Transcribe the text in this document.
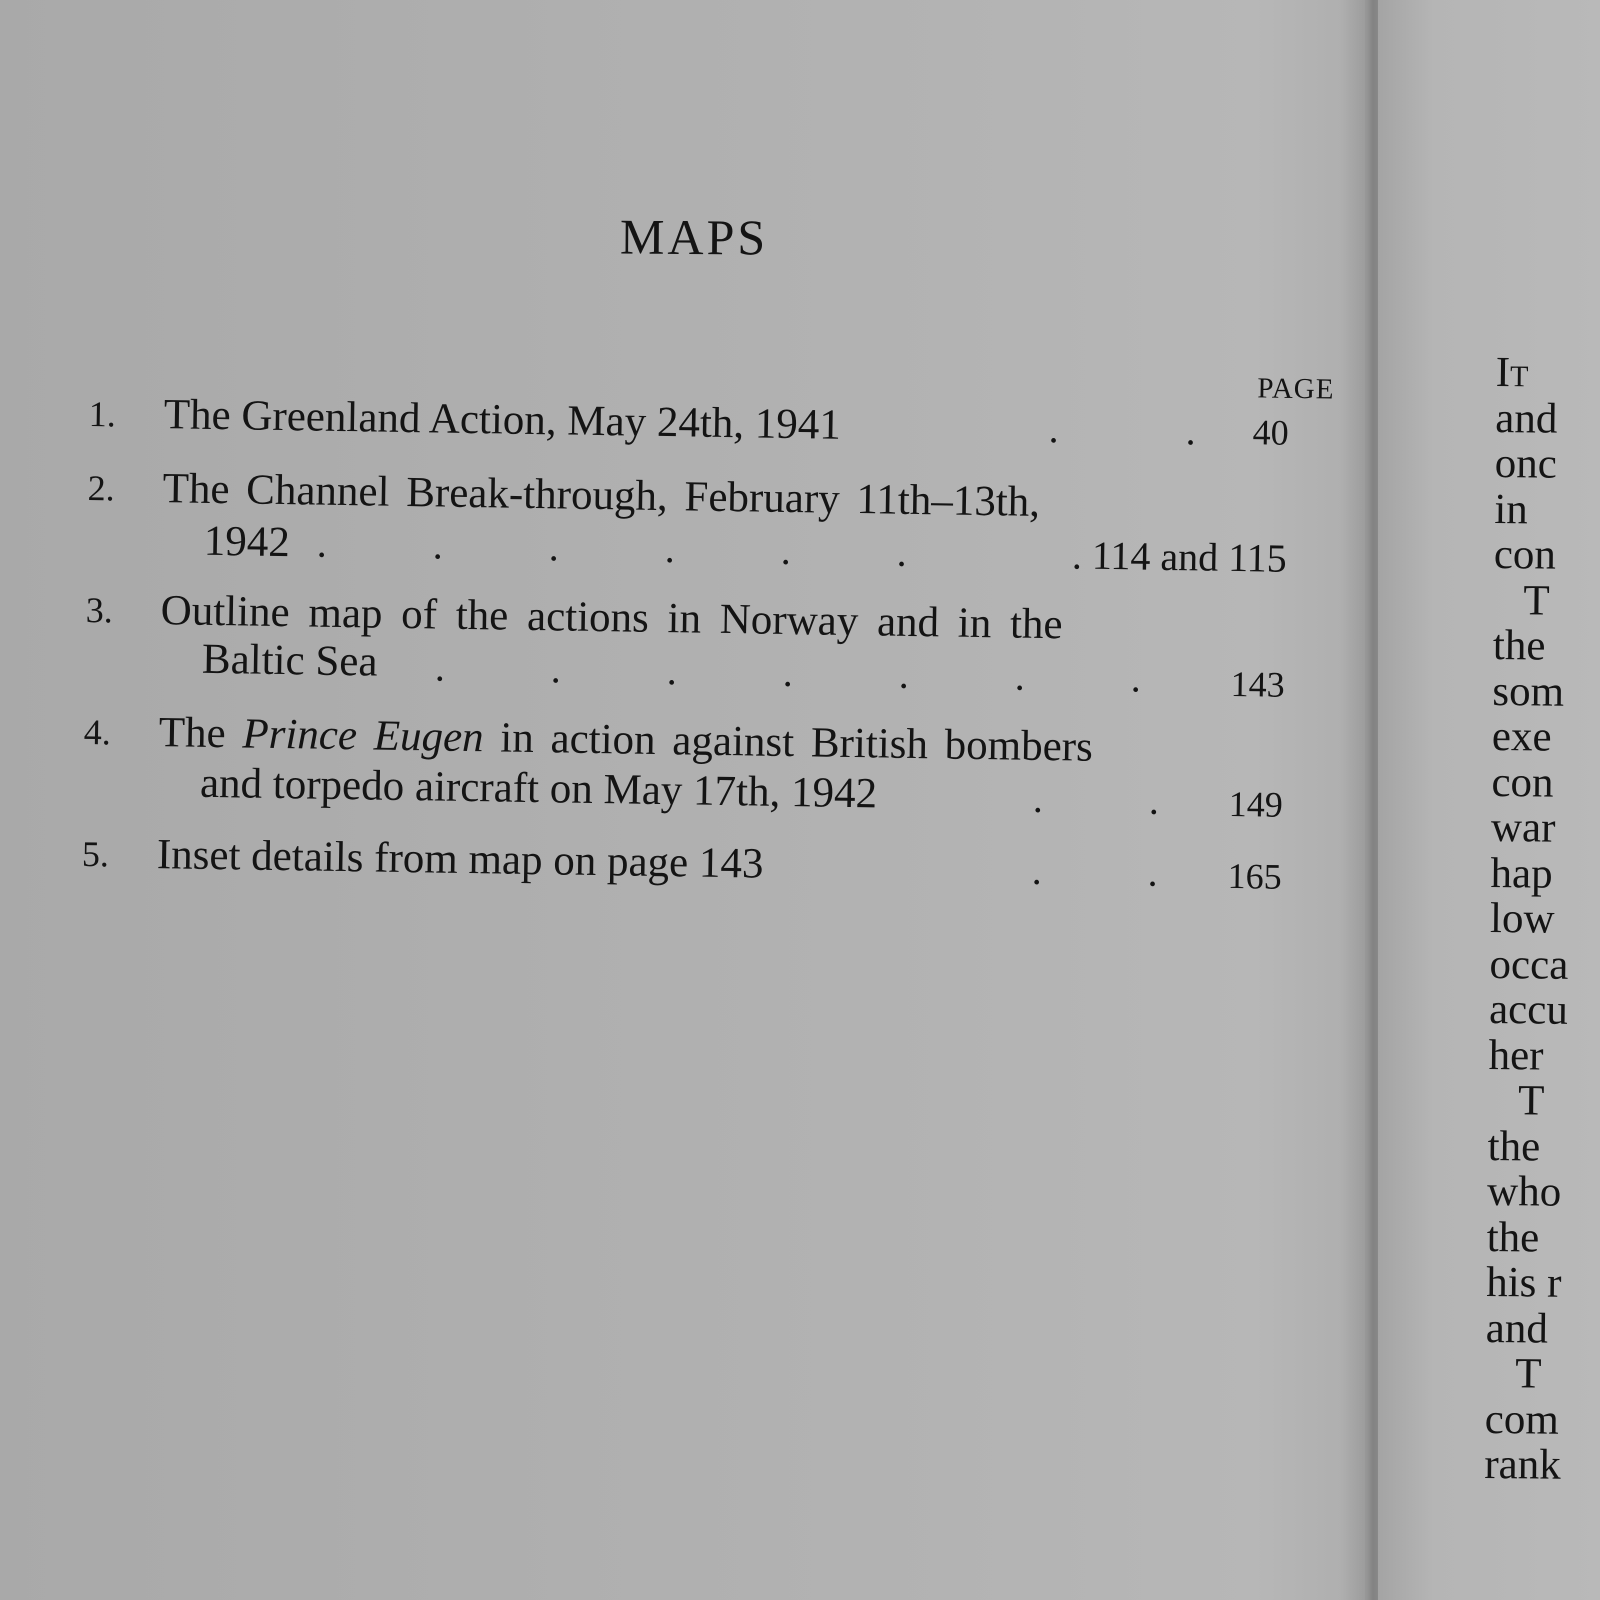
MAPS
PAGE
1. The Greenland Action, May 24th, 1941	.      . 40
2. The Channel Break-through, February 11th–13th,
1942 .     .     .     .     .     .	. 114 and 115
3. Outline map of the actions in Norway and in the
Baltic Sea .     .     .     .     .     .     . 143
4. The Prince Eugen in action against British bombers
and torpedo aircraft on May 17th, 1942	.     . 149
5. Inset details from map on page 143	.     . 165
It
and
onc
in
con
T
the
som
exe
con
war
hap
low
occa
accu
her
T
the
who
the
his r
and
T
com
rank
